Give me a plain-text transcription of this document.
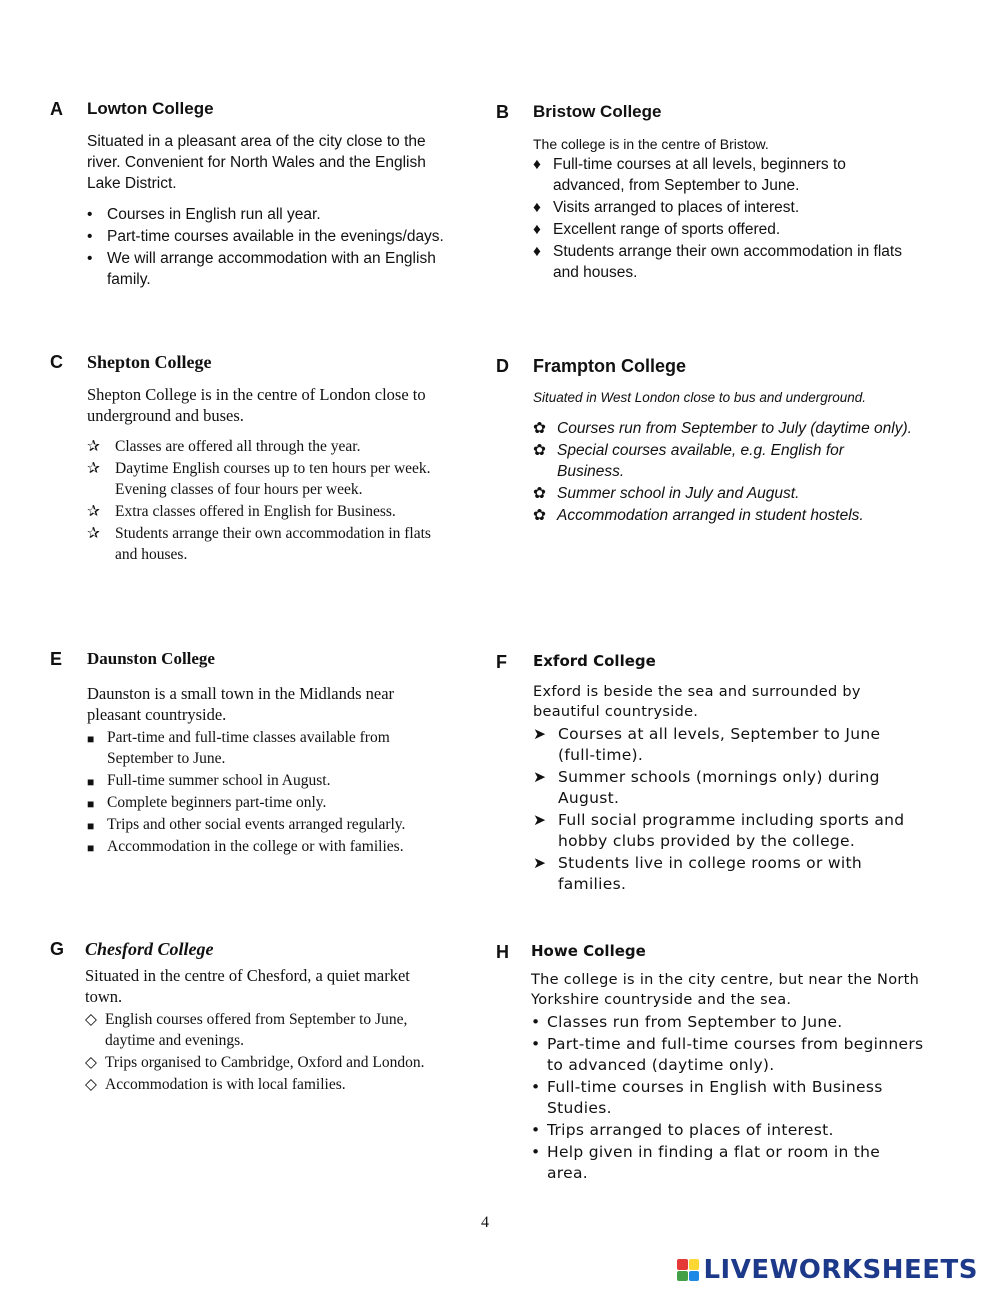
A Lowton College
Situated in a pleasant area of the city close to the river. Convenient for North Wales and the English Lake District.
• Courses in English run all year.
• Part-time courses available in the evenings/days.
• We will arrange accommodation with an English family.
B Bristow College
The college is in the centre of Bristow.
♦ Full-time courses at all levels, beginners to advanced, from September to June.
♦ Visits arranged to places of interest.
♦ Excellent range of sports offered.
♦ Students arrange their own accommodation in flats and houses.
C Shepton College
Shepton College is in the centre of London close to underground and buses.
✰ Classes are offered all through the year.
✰ Daytime English courses up to ten hours per week. Evening classes of four hours per week.
✰ Extra classes offered in English for Business.
✰ Students arrange their own accommodation in flats and houses.
D Frampton College
Situated in West London close to bus and underground.
✿ Courses run from September to July (daytime only).
✿ Special courses available, e.g. English for Business.
✿ Summer school in July and August.
✿ Accommodation arranged in student hostels.
E Daunston College
Daunston is a small town in the Midlands near pleasant countryside.
■ Part-time and full-time classes available from September to June.
■ Full-time summer school in August.
■ Complete beginners part-time only.
■ Trips and other social events arranged regularly.
■ Accommodation in the college or with families.
F Exford College
Exford is beside the sea and surrounded by beautiful countryside.
➤ Courses at all levels, September to June (full-time).
➤ Summer schools (mornings only) during August.
➤ Full social programme including sports and hobby clubs provided by the college.
➤ Students live in college rooms or with families.
G Chesford College
Situated in the centre of Chesford, a quiet market town.
◇ English courses offered from September to June, daytime and evenings.
◇ Trips organised to Cambridge, Oxford and London.
◇ Accommodation is with local families.
H Howe College
The college is in the city centre, but near the North Yorkshire countryside and the sea.
• Classes run from September to June.
• Part-time and full-time courses from beginners to advanced (daytime only).
• Full-time courses in English with Business Studies.
• Trips arranged to places of interest.
• Help given in finding a flat or room in the area.
4
LIVEWORKSHEETS
